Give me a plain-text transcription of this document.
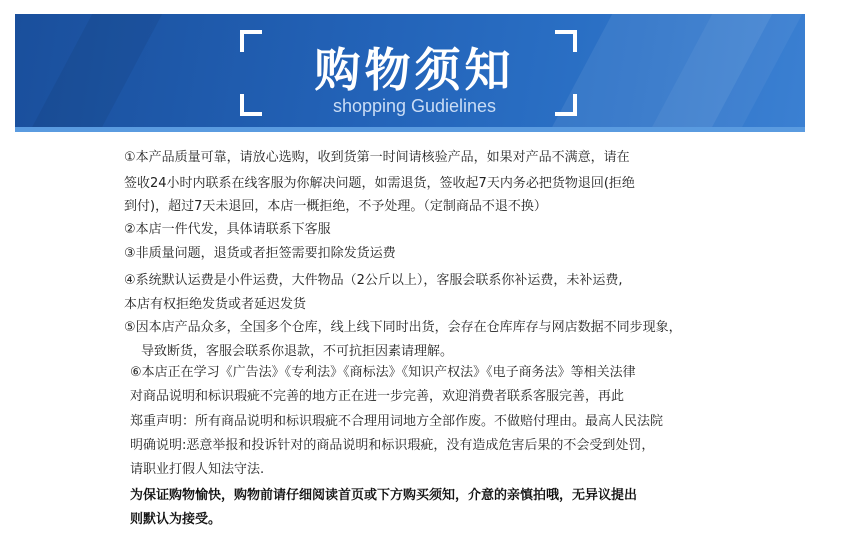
购物须知
shopping Gudielines
①本产品质量可靠，请放心选购，收到货第一时间请核验产品，如果对产品不满意，请在
签收24小时内联系在线客服为你解决问题，如需退货，签收起7天内务必把货物退回(拒绝
到付)，超过7天未退回，本店一概拒绝，不予处理。（定制商品不退不换）
②本店一件代发，具体请联系下客服
③非质量问题，退货或者拒签需要扣除发货运费
④系统默认运费是小件运费，大件物品（2公斤以上），客服会联系你补运费，未补运费,
本店有权拒绝发货或者延迟发货
⑤因本店产品众多，全国多个仓库，线上线下同时出货，会存在仓库库存与网店数据不同步现象，
导致断货，客服会联系你退款，不可抗拒因素请理解。
⑥本店正在学习《广告法》《专利法》《商标法》《知识产权法》《电子商务法》等相关法律
对商品说明和标识瑕疵不完善的地方正在进一步完善，欢迎消费者联系客服完善，再此
郑重声明：所有商品说明和标识瑕疵不合理用词地方全部作废。不做赔付理由。最高人民法院
明确说明:恶意举报和投诉针对的商品说明和标识瑕疵，没有造成危害后果的不会受到处罚，
请职业打假人知法守法.
为保证购物愉快，购物前请仔细阅读首页或下方购买须知，介意的亲慎拍哦，无异议提出
则默认为接受。
